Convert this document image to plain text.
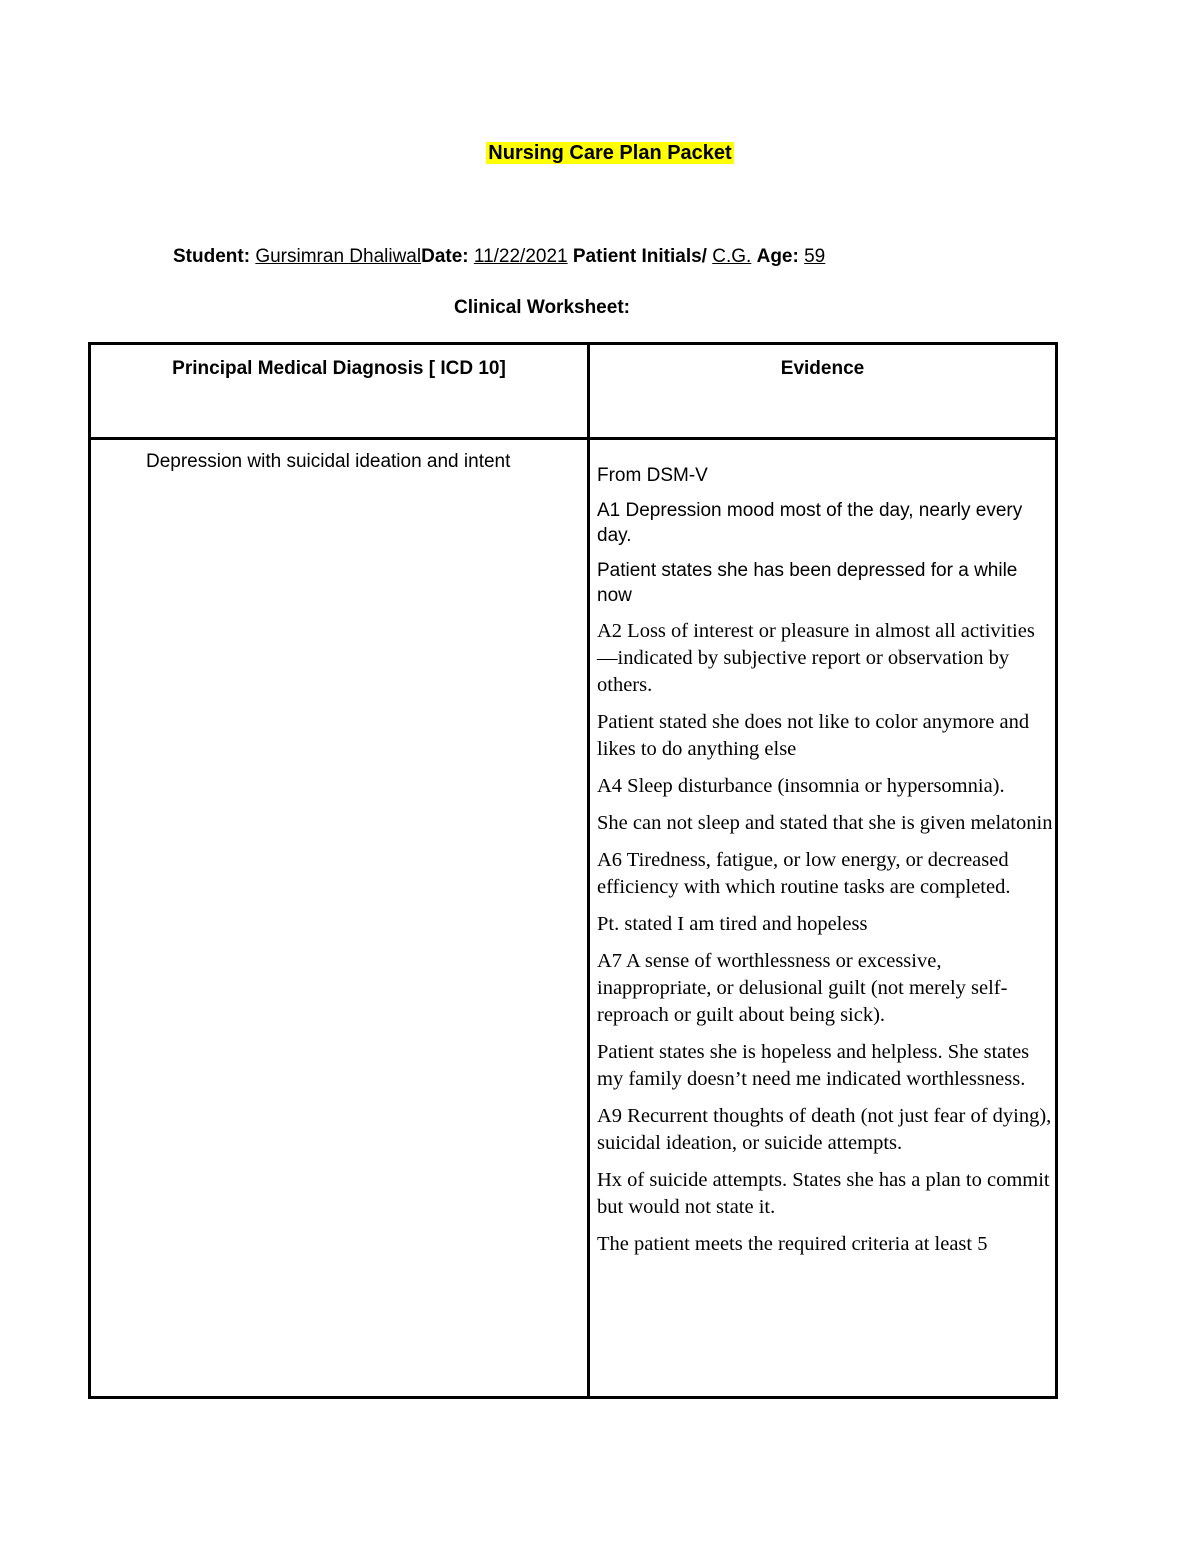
Nursing Care Plan Packet
Student: Gursimran DhaliwalDate: 11/22/2021 Patient Initials/ C.G. Age: 59
Clinical Worksheet:
Principal Medical Diagnosis [ ICD 10]	Evidence
Depression with suicidal ideation and intent

From DSM-V

A1 Depression mood most of the day, nearly every day.

Patient states she has been depressed for a while now

A2 Loss of interest or pleasure in almost all activities—indicated by subjective report or observation by others.

Patient stated she does not like to color anymore and likes to do anything else

A4 Sleep disturbance (insomnia or hypersomnia).

She can not sleep and stated that she is given melatonin

A6 Tiredness, fatigue, or low energy, or decreased efficiency with which routine tasks are completed.

Pt. stated I am tired and hopeless

A7 A sense of worthlessness or excessive, inappropriate, or delusional guilt (not merely self-reproach or guilt about being sick).

Patient states she is hopeless and helpless. She states my family doesn’t need me indicated worthlessness.

A9 Recurrent thoughts of death (not just fear of dying), suicidal ideation, or suicide attempts.

Hx of suicide attempts. States she has a plan to commit but would not state it.

The patient meets the required criteria at least 5
